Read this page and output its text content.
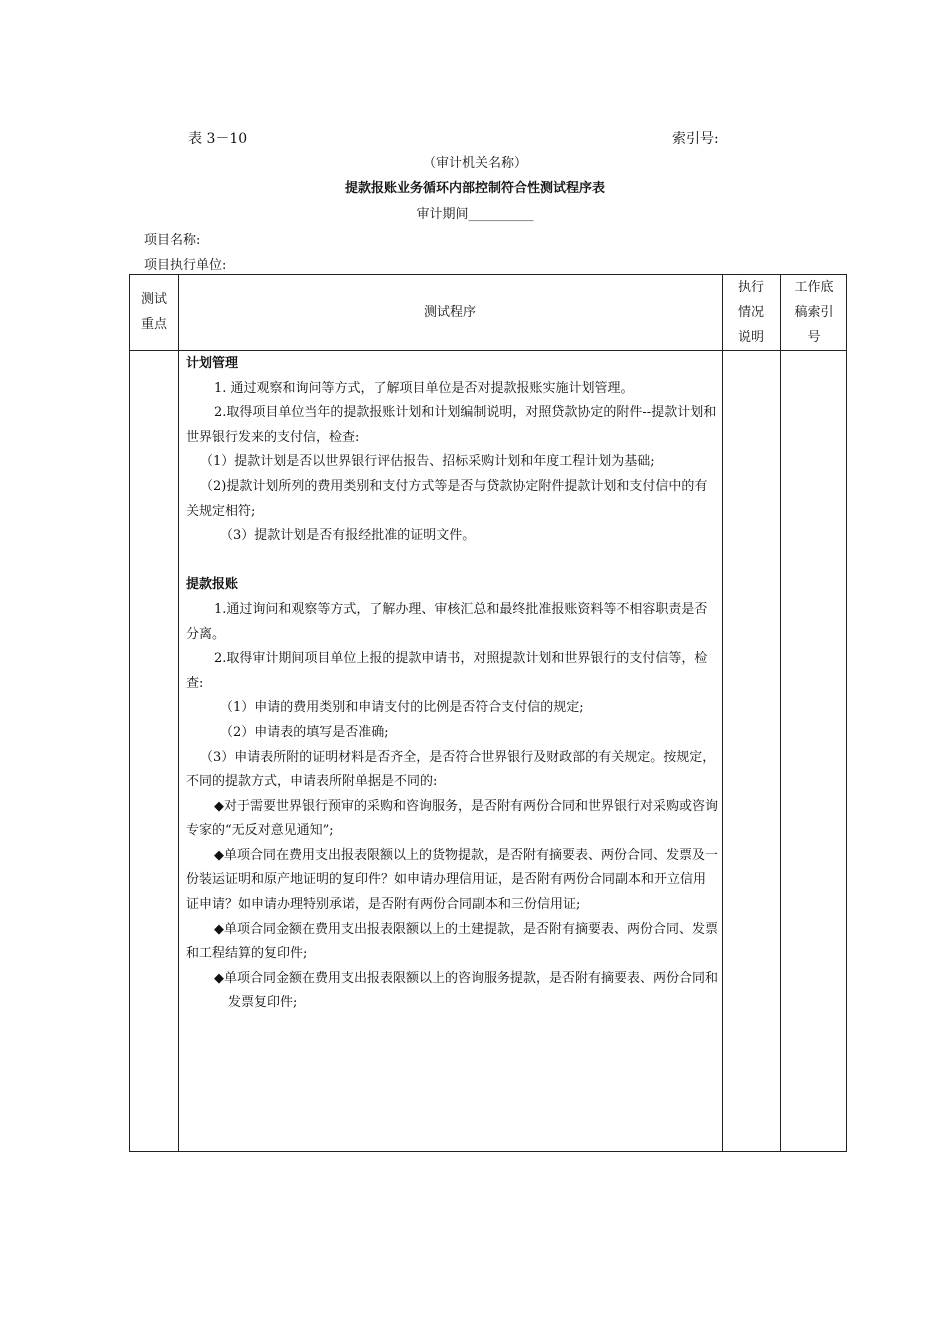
表 3－10	索引号:
（审计机关名称）
提款报账业务循环内部控制符合性测试程序表
审计期间__________
项目名称:
项目执行单位:
测试
重点
测试程序
执行
情况
说明
工作底
稿索引
号

计划管理

1. 通过观察和询问等方式，了解项目单位是否对提款报账实施计划管理。

2.取得项目单位当年的提款报账计划和计划编制说明，对照贷款协定的附件--提款计划和世界银行发来的支付信，检查:

（1）提款计划是否以世界银行评估报告、招标采购计划和年度工程计划为基础;

（2)提款计划所列的费用类别和支付方式等是否与贷款协定附件提款计划和支付信中的有关规定相符;

（3）提款计划是否有报经批准的证明文件。

提款报账

1.通过询问和观察等方式，了解办理、审核汇总和最终批准报账资料等不相容职责是否分离。

2.取得审计期间项目单位上报的提款申请书，对照提款计划和世界银行的支付信等，检查:

（1）申请的费用类别和申请支付的比例是否符合支付信的规定;

（2）申请表的填写是否准确;

（3）申请表所附的证明材料是否齐全，是否符合世界银行及财政部的有关规定。按规定，不同的提款方式，申请表所附单据是不同的:

◆对于需要世界银行预审的采购和咨询服务，是否附有两份合同和世界银行对采购或咨询专家的“无反对意见通知”;

◆单项合同在费用支出报表限额以上的货物提款，是否附有摘要表、两份合同、发票及一份装运证明和原产地证明的复印件？如申请办理信用证，是否附有两份合同副本和开立信用证申请？如申请办理特别承诺，是否附有两份合同副本和三份信用证;

◆单项合同金额在费用支出报表限额以上的土建提款，是否附有摘要表、两份合同、发票和工程结算的复印件;

◆单项合同金额在费用支出报表限额以上的咨询服务提款，是否附有摘要表、两份合同和发票复印件;
